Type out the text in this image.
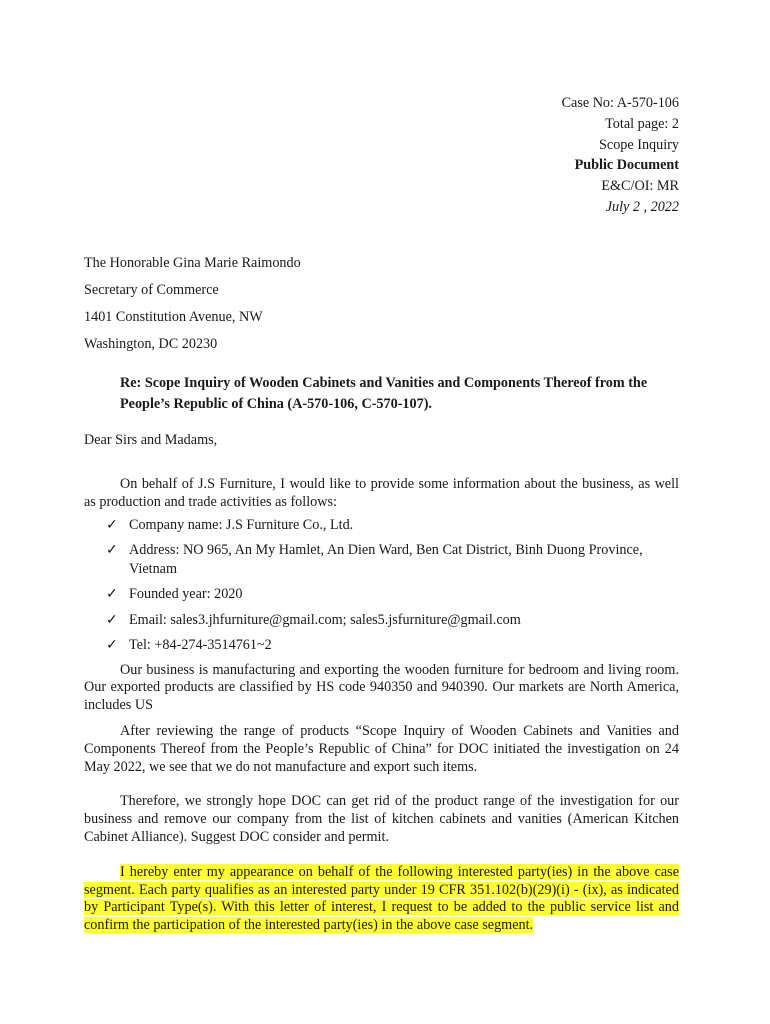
Case No: A-570-106
Total page: 2
Scope Inquiry
Public Document
E&C/OI: MR
July 2 , 2022
The Honorable Gina Marie Raimondo
Secretary of Commerce
1401 Constitution Avenue, NW
Washington, DC 20230
Re: Scope Inquiry of Wooden Cabinets and Vanities and Components Thereof from the People’s Republic of China (A-570-106, C-570-107).
Dear Sirs and Madams,

On behalf of J.S Furniture, I would like to provide some information about the business, as well as production and trade activities as follows:

✓ Company name: J.S Furniture Co., Ltd.
✓ Address: NO 965, An My Hamlet, An Dien Ward, Ben Cat District, Binh Duong Province, Vietnam
✓ Founded year: 2020
✓ Email: sales3.jhfurniture@gmail.com; sales5.jsfurniture@gmail.com
✓ Tel: +84-274-3514761~2

Our business is manufacturing and exporting the wooden furniture for bedroom and living room. Our exported products are classified by HS code 940350 and 940390. Our markets are North America, includes US

After reviewing the range of products “Scope Inquiry of Wooden Cabinets and Vanities and Components Thereof from the People’s Republic of China” for DOC initiated the investigation on 24 May 2022, we see that we do not manufacture and export such items.

Therefore, we strongly hope DOC can get rid of the product range of the investigation for our business and remove our company from the list of kitchen cabinets and vanities (American Kitchen Cabinet Alliance). Suggest DOC consider and permit.

I hereby enter my appearance on behalf of the following interested party(ies) in the above case segment. Each party qualifies as an interested party under 19 CFR 351.102(b)(29)(i) - (ix), as indicated by Participant Type(s). With this letter of interest, I request to be added to the public service list and confirm the participation of the interested party(ies) in the above case segment.
